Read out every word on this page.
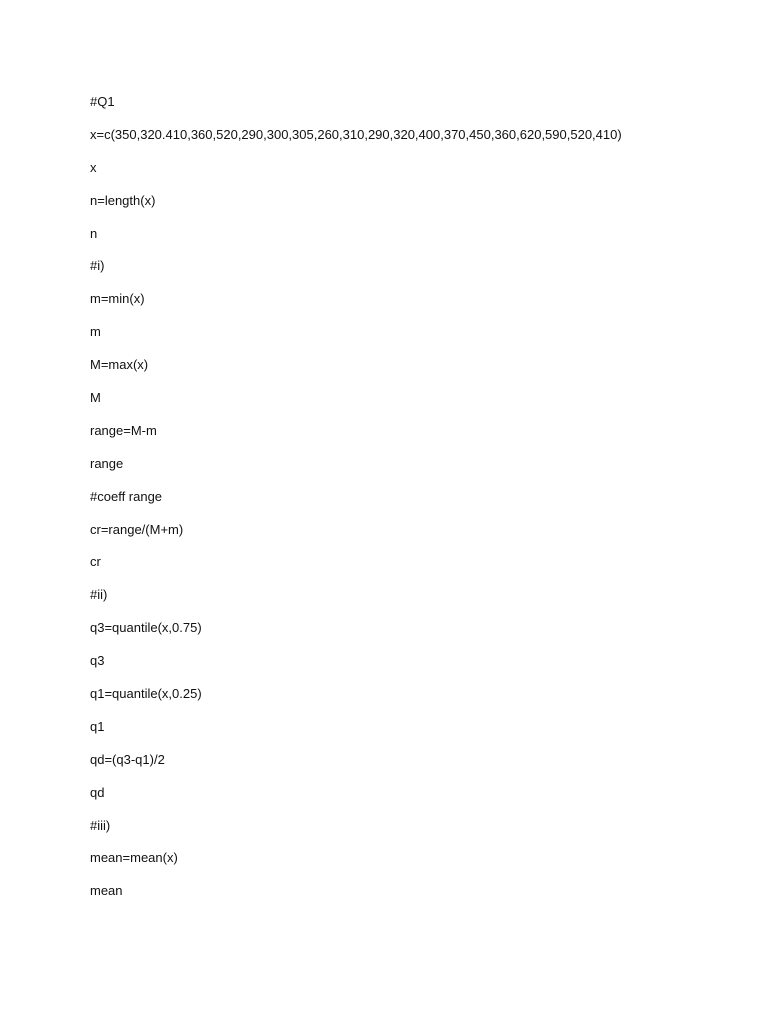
#Q1
x=c(350,320.410,360,520,290,300,305,260,310,290,320,400,370,450,360,620,590,520,410)
x
n=length(x)
n
#i)
m=min(x)
m
M=max(x)
M
range=M-m
range
#coeff range
cr=range/(M+m)
cr
#ii)
q3=quantile(x,0.75)
q3
q1=quantile(x,0.25)
q1
qd=(q3-q1)/2
qd
#iii)
mean=mean(x)
mean
